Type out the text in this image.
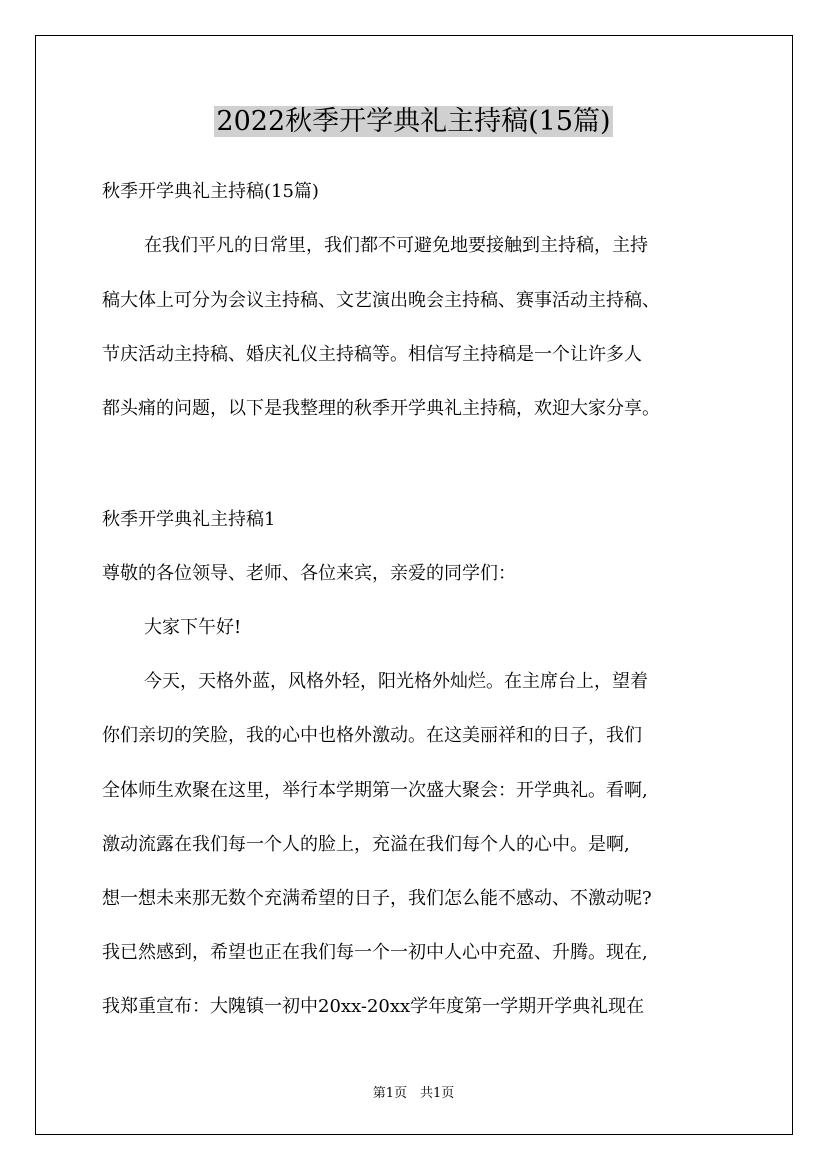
2022秋季开学典礼主持稿(15篇)
秋季开学典礼主持稿(15篇)
在我们平凡的日常里，我们都不可避免地要接触到主持稿，主持
稿大体上可分为会议主持稿、文艺演出晚会主持稿、赛事活动主持稿、
节庆活动主持稿、婚庆礼仪主持稿等。相信写主持稿是一个让许多人
都头痛的问题，以下是我整理的秋季开学典礼主持稿，欢迎大家分享。
秋季开学典礼主持稿1
尊敬的各位领导、老师、各位来宾，亲爱的同学们：
大家下午好!
今天，天格外蓝，风格外轻，阳光格外灿烂。在主席台上，望着
你们亲切的笑脸，我的心中也格外激动。在这美丽祥和的日子，我们
全体师生欢聚在这里，举行本学期第一次盛大聚会：开学典礼。看啊,
激动流露在我们每一个人的脸上，充溢在我们每个人的心中。是啊,
想一想未来那无数个充满希望的日子，我们怎么能不感动、不激动呢?
我已然感到，希望也正在我们每一个一初中人心中充盈、升腾。现在,
我郑重宣布：大隗镇一初中20xx-20xx学年度第一学期开学典礼现在
第1页　共1页
